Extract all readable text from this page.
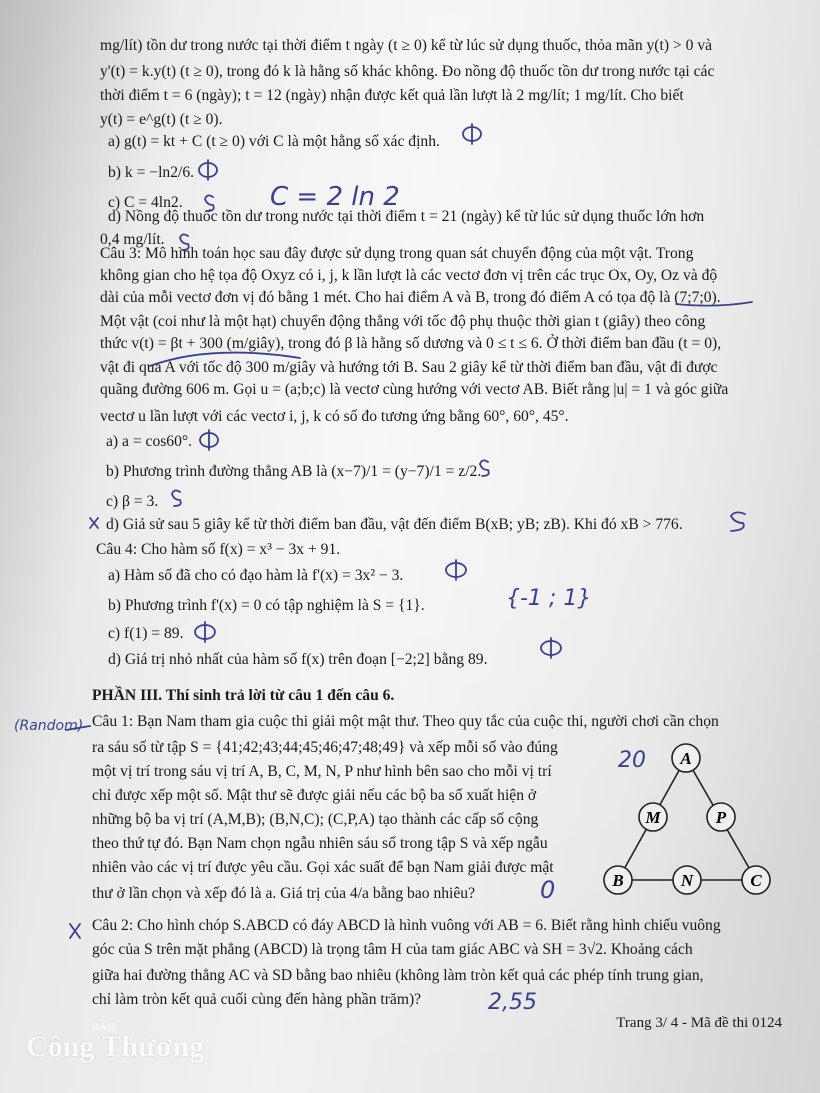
mg/lít) tồn dư trong nước tại thời điểm t ngày (t ≥ 0) kể từ lúc sử dụng thuốc, thỏa mãn y(t) > 0 và
y'(t) = k.y(t) (t ≥ 0), trong đó k là hằng số khác không. Đo nồng độ thuốc tồn dư trong nước tại các
thời điểm t = 6 (ngày); t = 12 (ngày) nhận được kết quả lần lượt là 2 mg/lít; 1 mg/lít. Cho biết
y(t) = e^g(t) (t ≥ 0).
a) g(t) = kt + C (t ≥ 0) với C là một hằng số xác định.
b) k = −ln2/6.
c) C = 4ln2.
d) Nồng độ thuốc tồn dư trong nước tại thời điểm t = 21 (ngày) kể từ lúc sử dụng thuốc lớn hơn
0,4 mg/lít.
Câu 3: Mô hình toán học sau đây được sử dụng trong quan sát chuyển động của một vật. Trong
không gian cho hệ tọa độ Oxyz có i, j, k lần lượt là các vectơ đơn vị trên các trục Ox, Oy, Oz và độ
dài của mỗi vectơ đơn vị đó bằng 1 mét. Cho hai điểm A và B, trong đó điểm A có tọa độ là (7;7;0).
Một vật (coi như là một hạt) chuyển động thẳng với tốc độ phụ thuộc thời gian t (giây) theo công
thức v(t) = βt + 300 (m/giây), trong đó β là hằng số dương và 0 ≤ t ≤ 6. Ở thời điểm ban đầu (t = 0),
vật đi qua A với tốc độ 300 m/giây và hướng tới B. Sau 2 giây kể từ thời điểm ban đầu, vật đi được
quãng đường 606 m. Gọi u = (a;b;c) là vectơ cùng hướng với vectơ AB. Biết rằng |u| = 1 và góc giữa
vectơ u lần lượt với các vectơ i, j, k có số đo tương ứng bằng 60°, 60°, 45°.
a) a = cos60°.
b) Phương trình đường thẳng AB là (x−7)/1 = (y−7)/1 = z/2.
c) β = 3.
d) Giả sử sau 5 giây kể từ thời điểm ban đầu, vật đến điểm B(xB; yB; zB). Khi đó xB > 776.
Câu 4: Cho hàm số f(x) = x³ − 3x + 91.
a) Hàm số đã cho có đạo hàm là f'(x) = 3x² − 3.
b) Phương trình f'(x) = 0 có tập nghiệm là S = {1}.
c) f(1) = 89.
d) Giá trị nhỏ nhất của hàm số f(x) trên đoạn [−2;2] bằng 89.
PHẦN III. Thí sinh trả lời từ câu 1 đến câu 6.
Câu 1: Bạn Nam tham gia cuộc thi giải một mật thư. Theo quy tắc của cuộc thi, người chơi cần chọn
ra sáu số từ tập S = {41;42;43;44;45;46;47;48;49} và xếp mỗi số vào đúng
một vị trí trong sáu vị trí A, B, C, M, N, P như hình bên sao cho mỗi vị trí
chỉ được xếp một số. Mật thư sẽ được giải nếu các bộ ba số xuất hiện ở
những bộ ba vị trí (A,M,B); (B,N,C); (C,P,A) tạo thành các cấp số cộng
theo thứ tự đó. Bạn Nam chọn ngẫu nhiên sáu số trong tập S và xếp ngẫu
nhiên vào các vị trí được yêu cầu. Gọi xác suất để bạn Nam giải được mật
thư ở lần chọn và xếp đó là a. Giá trị của 4/a bằng bao nhiêu?
Câu 2: Cho hình chóp S.ABCD có đáy ABCD là hình vuông với AB = 6. Biết rằng hình chiếu vuông
góc của S trên mặt phẳng (ABCD) là trọng tâm H của tam giác ABC và SH = 3√2. Khoảng cách
giữa hai đường thẳng AC và SD bằng bao nhiêu (không làm tròn kết quả các phép tính trung gian,
chỉ làm tròn kết quả cuối cùng đến hàng phần trăm)?
A
M	P
B	N	C
C = 2 ln 2
{-1 ; 1}
20
(Random)
0
2,55
Trang 3/ 4 - Mã đề thi 0124
BÁO
Công Thương
